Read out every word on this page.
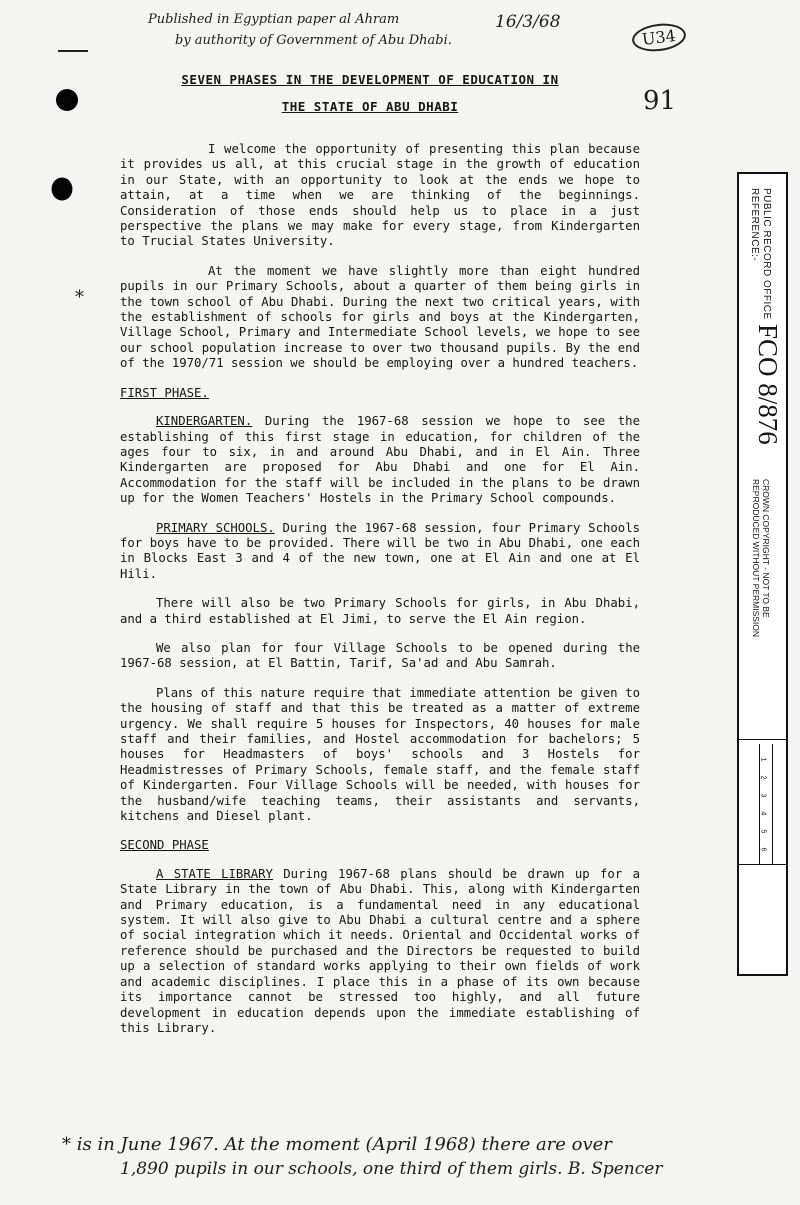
Published in Egyptian paper al Ahram
by authority of Government of Abu Dhabi.
16/3/68
U34
91
*
SEVEN PHASES IN THE DEVELOPMENT OF EDUCATION IN
THE STATE OF ABU DHABI

I welcome the opportunity of presenting this plan because it provides us all, at this crucial stage in the growth of education in our State, with an opportunity to look at the ends we hope to attain, at a time when we are thinking of the beginnings. Consideration of those ends should help us to place in a just perspective the plans we may make for every stage, from Kindergarten to Trucial States University.

At the moment we have slightly more than eight hundred pupils in our Primary Schools, about a quarter of them being girls in the town school of Abu Dhabi. During the next two critical years, with the establishment of schools for girls and boys at the Kindergarten, Village School, Primary and Intermediate School levels, we hope to see our school population increase to over two thousand pupils. By the end of the 1970/71 session we should be employing over a hundred teachers.

FIRST PHASE.

KINDERGARTEN. During the 1967-68 session we hope to see the establishing of this first stage in education, for children of the ages four to six, in and around Abu Dhabi, and in El Ain. Three Kindergarten are proposed for Abu Dhabi and one for El Ain. Accommodation for the staff will be included in the plans to be drawn up for the Women Teachers' Hostels in the Primary School compounds.

PRIMARY SCHOOLS. During the 1967-68 session, four Primary Schools for boys have to be provided. There will be two in Abu Dhabi, one each in Blocks East 3 and 4 of the new town, one at El Ain and one at El Hili.

There will also be two Primary Schools for girls, in Abu Dhabi, and a third established at El Jimi, to serve the El Ain region.

We also plan for four Village Schools to be opened during the 1967-68 session, at El Battin, Tarif, Sa'ad and Abu Samrah.

Plans of this nature require that immediate attention be given to the housing of staff and that this be treated as a matter of extreme urgency. We shall require 5 houses for Inspectors, 40 houses for male staff and their families, and Hostel accommodation for bachelors; 5 houses for Headmasters of boys' schools and 3 Hostels for Headmistresses of Primary Schools, female staff, and the female staff of Kindergarten. Four Village Schools will be needed, with houses for the husband/wife teaching teams, their assistants and servants, kitchens and Diesel plant.

SECOND PHASE

A STATE LIBRARY During 1967-68 plans should be drawn up for a State Library in the town of Abu Dhabi. This, along with Kindergarten and Primary education, is a fundamental need in any educational system. It will also give to Abu Dhabi a cultural centre and a sphere of social integration which it needs. Oriental and Occidental works of reference should be purchased and the Directors be requested to build up a selection of standard works applying to their own fields of work and academic disciplines. I place this in a phase of its own because its importance cannot be stressed too highly, and all future development in education depends upon the immediate establishing of this Library.

PUBLIC RECORD OFFICE
REFERENCE:-
FCO 8/876
CROWN COPYRIGHT - NOT TO BE
REPRODUCED WITHOUT PERMISSION
1
2
3
4
5
6
* is in June 1967. At the moment (April 1968) there are over
1,890 pupils in our schools, one third of them girls. B. Spencer
